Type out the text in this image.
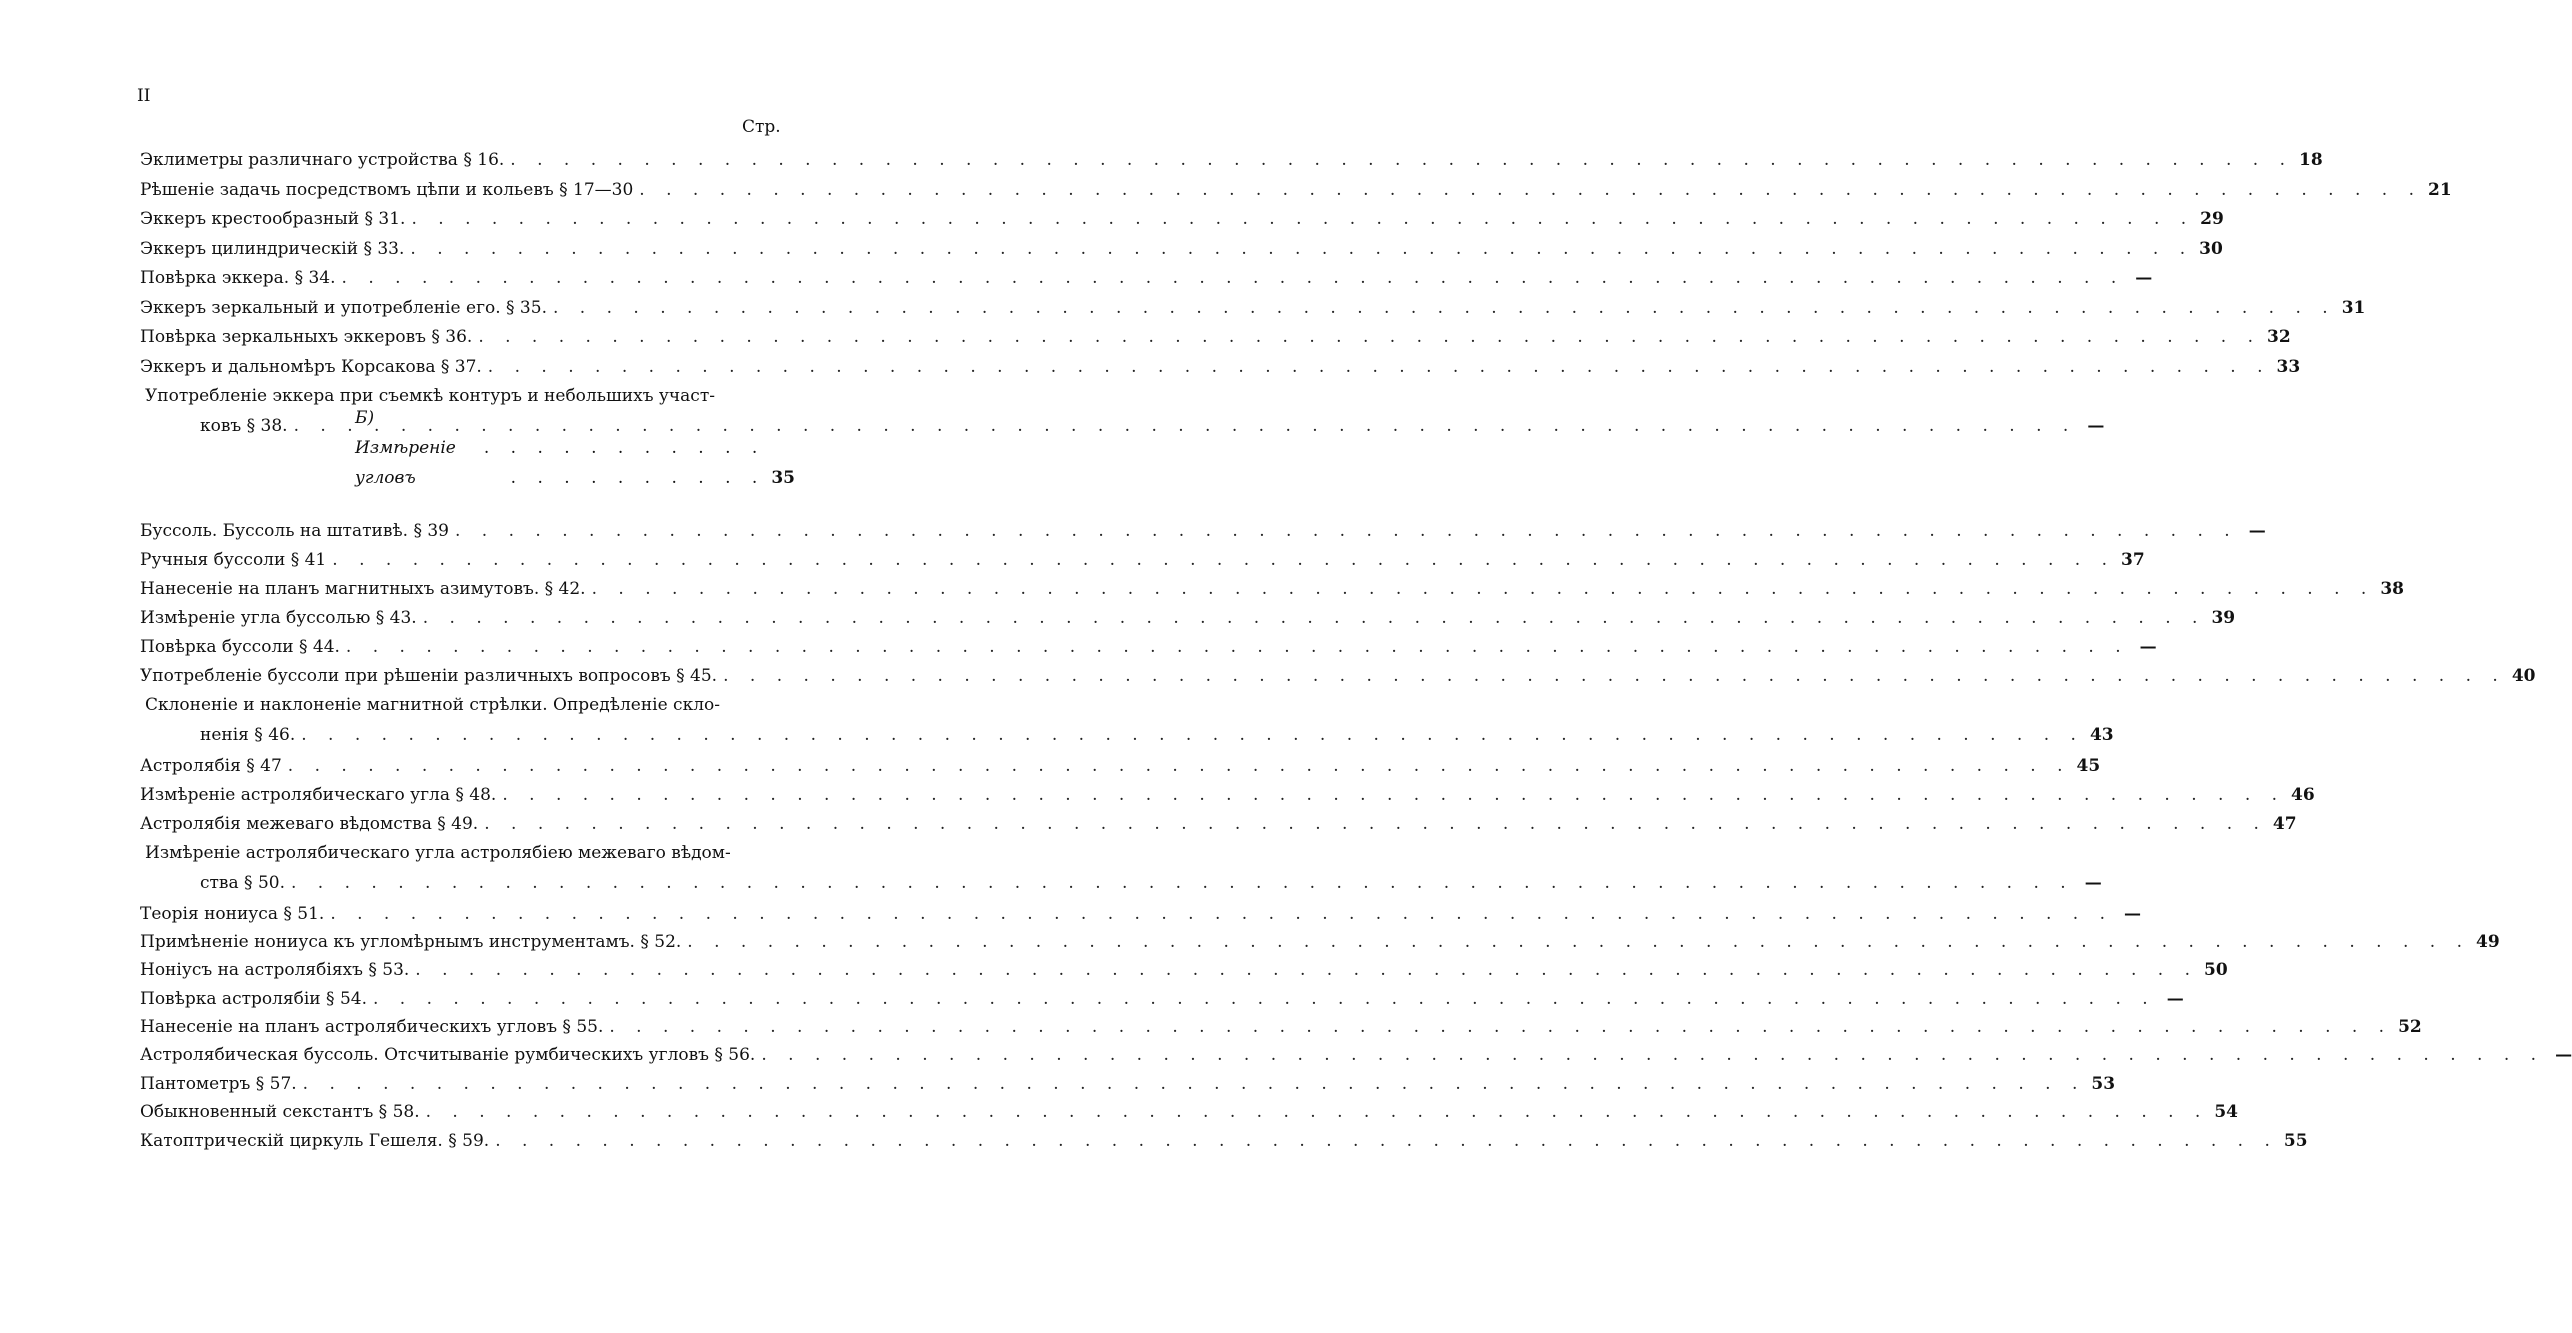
II
Стр.
Эклиметры различнаго устройства § 16. . . .	18
Рѣшеніе задачь посредствомъ цѣпи и кольевъ § 17—30 . . .	21
Эккеръ крестообразный § 31. . . .	29
Эккеръ цилиндрическій § 33. . . .	30
Повѣрка эккера. § 34. . . .	—
Эккеръ зеркальный и употребленіе его. § 35. . . .	31
Повѣрка зеркальныхъ эккеровъ § 36. . . .	32
Эккеръ и дальномѣръ Корсакова § 37. . . .	33
Употребленіе эккера при съемкѣ контуръ и небольшихъ участ-
ковъ § 38. . . .	—
Б) Измѣреніе угловъ . . .	35
Буссоль. Буссоль на штативѣ. § 39 . . .	—
Ручныя буссоли § 41 . . .	37
Нанесеніе на планъ магнитныхъ азимутовъ. § 42. . . .	38
Измѣреніе угла буссолью § 43. . . .	39
Повѣрка буссоли § 44. . . .	—
Употребленіе буссоли при рѣшеніи различныхъ вопросовъ § 45. . . .	40
Склоненіе и наклоненіе магнитной стрѣлки. Опредѣленіе скло-
ненія § 46. . . .	43
Астролябія § 47 . . .	45
Измѣреніе астролябическаго угла § 48. . . .	46
Астролябія межеваго вѣдомства § 49. . . .	47
Измѣреніе астролябическаго угла астролябіею межеваго вѣдом-
ства § 50. . . .	—
Теорія нониуса § 51. . . .	—
Примѣненіе нониуса къ угломѣрнымъ инструментамъ. § 52. . . .	49
Нoніусъ на астролябіяхъ § 53. . . .	50
Повѣрка астролябіи § 54. . . .	—
Нанесеніе на планъ астролябическихъ угловъ § 55. . . .	52
Астролябическая буссоль. Отсчитываніе румбическихъ угловъ § 56. . . .	—
Пантометръ § 57. . . .	53
Обыкновенный секстантъ § 58. . . .	54
Катоптрическій циркуль Гешеля. § 59. . . .	55
